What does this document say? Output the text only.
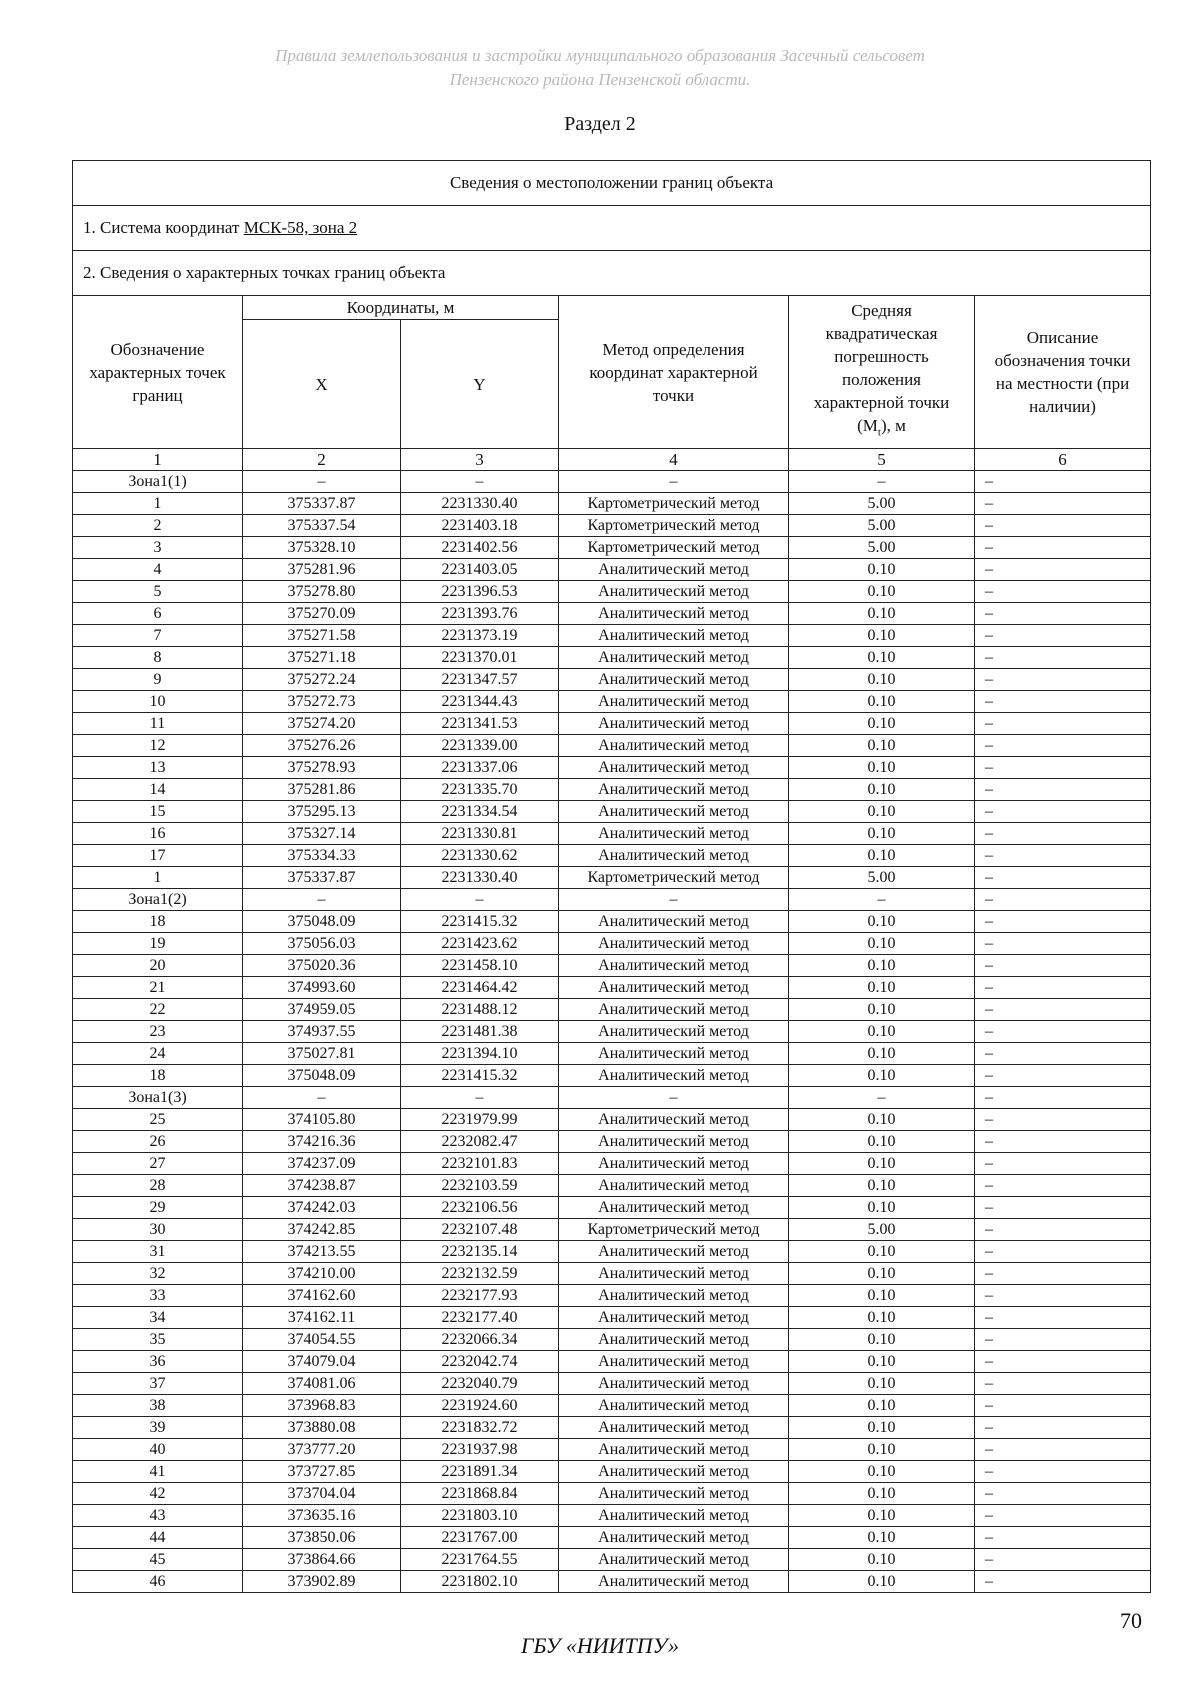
Правила землепользования и застройки муниципального образования Засечный сельсовет
Пензенского района Пензенской области.
Раздел 2
Сведения о местоположении границ объекта					
1. Система координат МСК-58, зона 2					
2. Сведения о характерных точках границ объекта					
Обозначение характерных точек границ	Координаты, м		Метод определения координат характерной точки	Средняя квадратическая погрешность положения характерной точки $(M_t)$, м	Описание обозначения точки на местности (при наличии)
	X	Y			
1	2	3	4	5	6
Зона1(1)	–	–	–	–	–
1	375337.87	2231330.40	Картометрический метод	5.00	–
2	375337.54	2231403.18	Картометрический метод	5.00	–
3	375328.10	2231402.56	Картометрический метод	5.00	–
4	375281.96	2231403.05	Аналитический метод	0.10	–
5	375278.80	2231396.53	Аналитический метод	0.10	–
6	375270.09	2231393.76	Аналитический метод	0.10	–
7	375271.58	2231373.19	Аналитический метод	0.10	–
8	375271.18	2231370.01	Аналитический метод	0.10	–
9	375272.24	2231347.57	Аналитический метод	0.10	–
10	375272.73	2231344.43	Аналитический метод	0.10	–
11	375274.20	2231341.53	Аналитический метод	0.10	–
12	375276.26	2231339.00	Аналитический метод	0.10	–
13	375278.93	2231337.06	Аналитический метод	0.10	–
14	375281.86	2231335.70	Аналитический метод	0.10	–
15	375295.13	2231334.54	Аналитический метод	0.10	–
16	375327.14	2231330.81	Аналитический метод	0.10	–
17	375334.33	2231330.62	Аналитический метод	0.10	–
1	375337.87	2231330.40	Картометрический метод	5.00	–
Зона1(2)	–	–	–	–	–
18	375048.09	2231415.32	Аналитический метод	0.10	–
19	375056.03	2231423.62	Аналитический метод	0.10	–
20	375020.36	2231458.10	Аналитический метод	0.10	–
21	374993.60	2231464.42	Аналитический метод	0.10	–
22	374959.05	2231488.12	Аналитический метод	0.10	–
23	374937.55	2231481.38	Аналитический метод	0.10	–
24	375027.81	2231394.10	Аналитический метод	0.10	–
18	375048.09	2231415.32	Аналитический метод	0.10	–
Зона1(3)	–	–	–	–	–
25	374105.80	2231979.99	Аналитический метод	0.10	–
26	374216.36	2232082.47	Аналитический метод	0.10	–
27	374237.09	2232101.83	Аналитический метод	0.10	–
28	374238.87	2232103.59	Аналитический метод	0.10	–
29	374242.03	2232106.56	Аналитический метод	0.10	–
30	374242.85	2232107.48	Картометрический метод	5.00	–
31	374213.55	2232135.14	Аналитический метод	0.10	–
32	374210.00	2232132.59	Аналитический метод	0.10	–
33	374162.60	2232177.93	Аналитический метод	0.10	–
34	374162.11	2232177.40	Аналитический метод	0.10	–
35	374054.55	2232066.34	Аналитический метод	0.10	–
36	374079.04	2232042.74	Аналитический метод	0.10	–
37	374081.06	2232040.79	Аналитический метод	0.10	–
38	373968.83	2231924.60	Аналитический метод	0.10	–
39	373880.08	2231832.72	Аналитический метод	0.10	–
40	373777.20	2231937.98	Аналитический метод	0.10	–
41	373727.85	2231891.34	Аналитический метод	0.10	–
42	373704.04	2231868.84	Аналитический метод	0.10	–
43	373635.16	2231803.10	Аналитический метод	0.10	–
44	373850.06	2231767.00	Аналитический метод	0.10	–
45	373864.66	2231764.55	Аналитический метод	0.10	–
46	373902.89	2231802.10	Аналитический метод	0.10	–
70
ГБУ «НИИТПУ»
